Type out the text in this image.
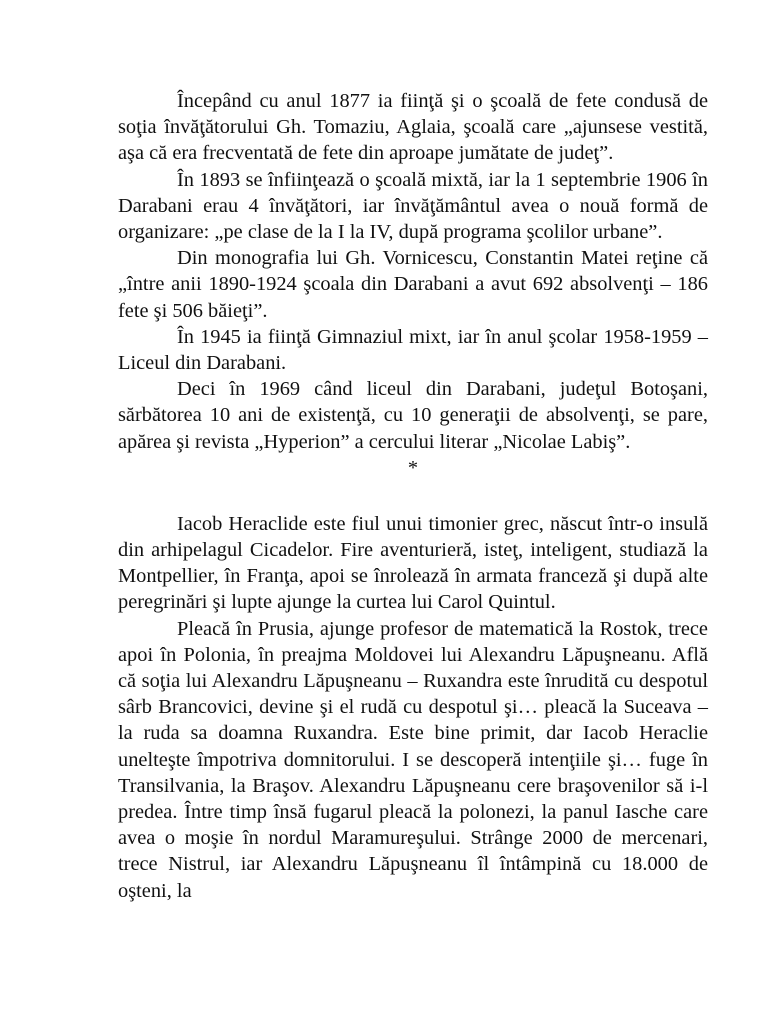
Începând cu anul 1877 ia fiinţă şi o şcoală de fete condusă de soţia învăţătorului Gh. Tomaziu, Aglaia, şcoală care „ajunsese vestită, aşa că era frecventată de fete din aproape jumătate de judeţ”.

În 1893 se înfiinţează o şcoală mixtă, iar la 1 septembrie 1906 în Darabani erau 4 învăţători, iar învăţământul avea o nouă formă de organizare: „pe clase de la I la IV, după programa şcolilor urbane”.

Din monografia lui Gh. Vornicescu, Constantin Matei reţine că „între anii 1890-1924 şcoala din Darabani a avut 692 absolvenţi – 186 fete şi 506 băieţi”.

În 1945 ia fiinţă Gimnaziul mixt, iar în anul şcolar 1958-1959 – Liceul din Darabani.

Deci în 1969 când liceul din Darabani, judeţul Botoşani, sărbătorea 10 ani de existenţă, cu 10 generaţii de absolvenţi, se pare, apărea şi revista „Hyperion” a cercului literar „Nicolae Labiş”.

*

Iacob Heraclide este fiul unui timonier grec, născut într-o insulă din arhipelagul Cicadelor. Fire aventurieră, isteţ, inteligent, studiază la Montpellier, în Franţa, apoi se înrolează în armata franceză şi după alte peregrinări şi lupte ajunge la curtea lui Carol Quintul.

Pleacă în Prusia, ajunge profesor de matematică la Rostok, trece apoi în Polonia, în preajma Moldovei lui Alexandru Lăpuşneanu. Află că soţia lui Alexandru Lăpuşneanu – Ruxandra este înrudită cu despotul sârb Brancovici, devine şi el rudă cu despotul şi… pleacă la Suceava – la ruda sa doamna Ruxandra. Este bine primit, dar Iacob Heraclie unelteşte împotriva domnitorului. I se descoperă intenţiile şi… fuge în Transilvania, la Braşov. Alexandru Lăpuşneanu cere braşovenilor să i-l predea. Între timp însă fugarul pleacă la polonezi, la panul Iasche care avea o moşie în nordul Maramureşului. Strânge 2000 de mercenari, trece Nistrul, iar Alexandru Lăpuşneanu îl întâmpină cu 18.000 de oşteni, la
